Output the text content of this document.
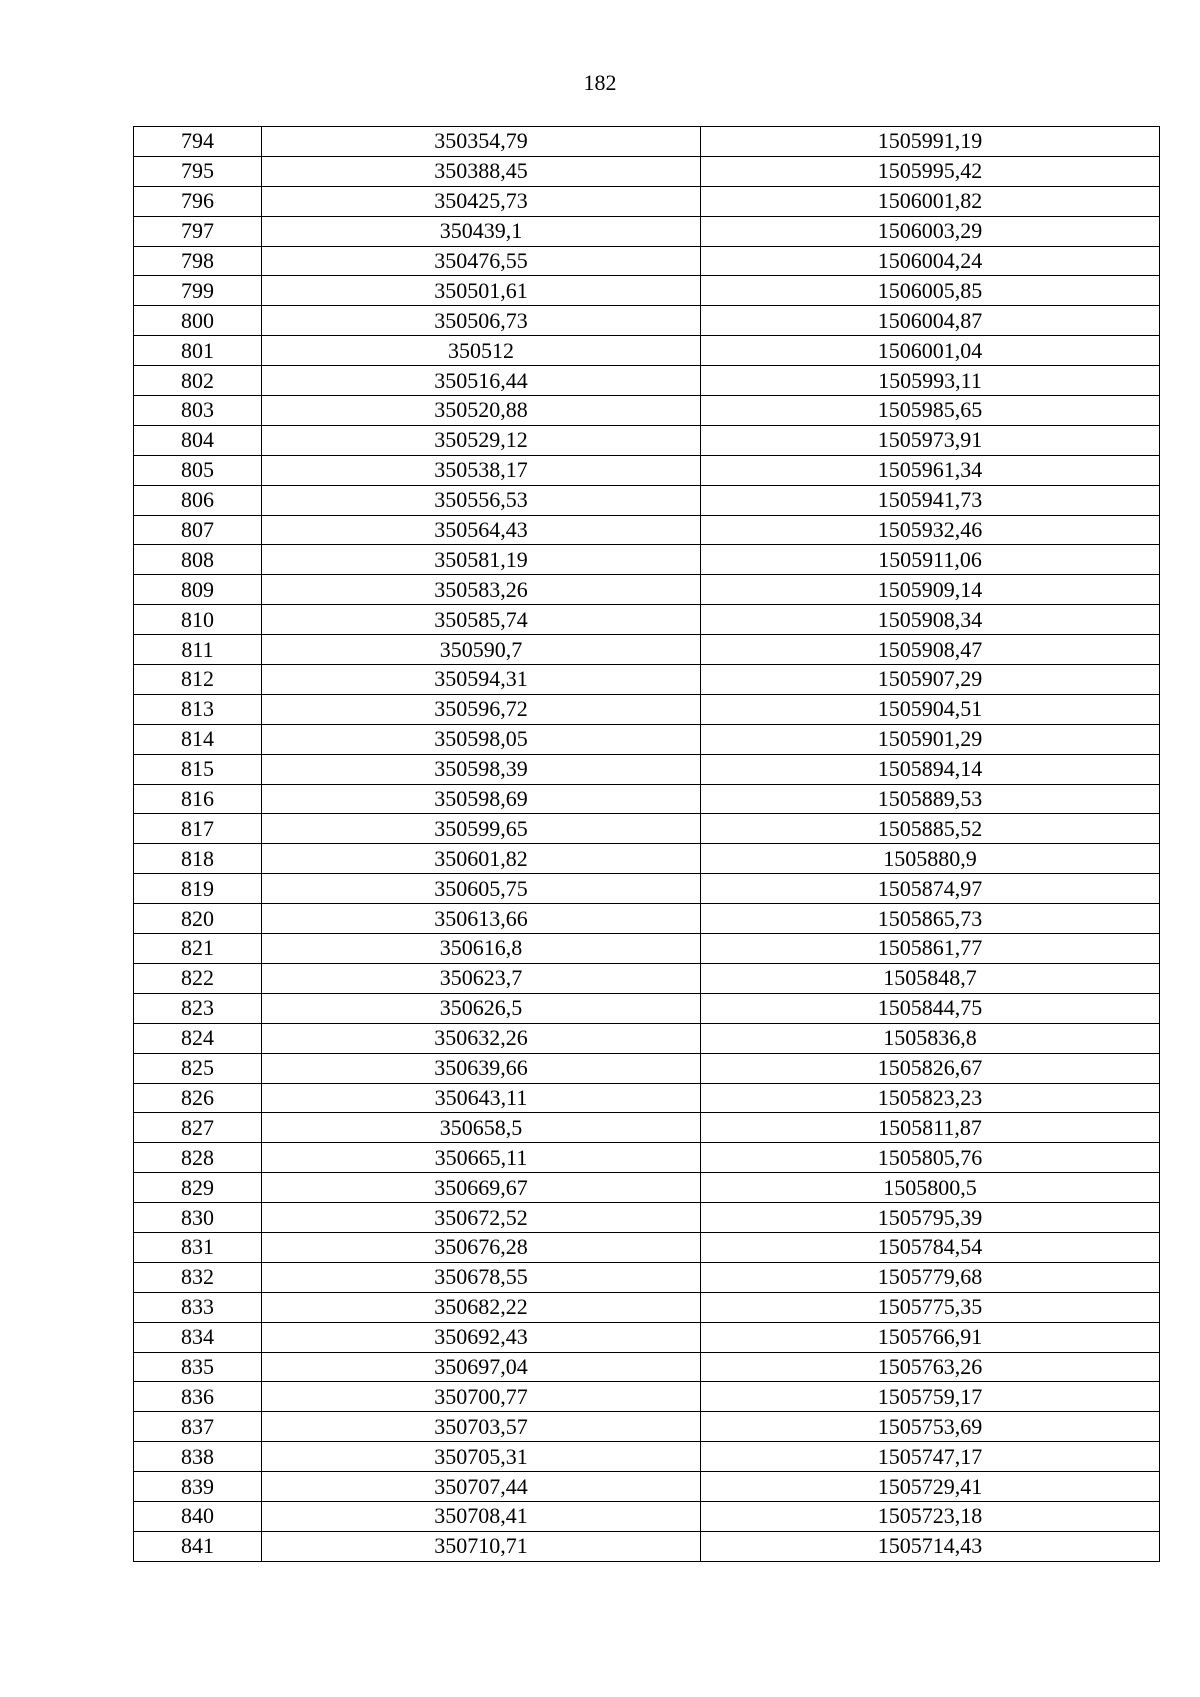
182
794	350354,79	1505991,19
795	350388,45	1505995,42
796	350425,73	1506001,82
797	350439,1	1506003,29
798	350476,55	1506004,24
799	350501,61	1506005,85
800	350506,73	1506004,87
801	350512	1506001,04
802	350516,44	1505993,11
803	350520,88	1505985,65
804	350529,12	1505973,91
805	350538,17	1505961,34
806	350556,53	1505941,73
807	350564,43	1505932,46
808	350581,19	1505911,06
809	350583,26	1505909,14
810	350585,74	1505908,34
811	350590,7	1505908,47
812	350594,31	1505907,29
813	350596,72	1505904,51
814	350598,05	1505901,29
815	350598,39	1505894,14
816	350598,69	1505889,53
817	350599,65	1505885,52
818	350601,82	1505880,9
819	350605,75	1505874,97
820	350613,66	1505865,73
821	350616,8	1505861,77
822	350623,7	1505848,7
823	350626,5	1505844,75
824	350632,26	1505836,8
825	350639,66	1505826,67
826	350643,11	1505823,23
827	350658,5	1505811,87
828	350665,11	1505805,76
829	350669,67	1505800,5
830	350672,52	1505795,39
831	350676,28	1505784,54
832	350678,55	1505779,68
833	350682,22	1505775,35
834	350692,43	1505766,91
835	350697,04	1505763,26
836	350700,77	1505759,17
837	350703,57	1505753,69
838	350705,31	1505747,17
839	350707,44	1505729,41
840	350708,41	1505723,18
841	350710,71	1505714,43
